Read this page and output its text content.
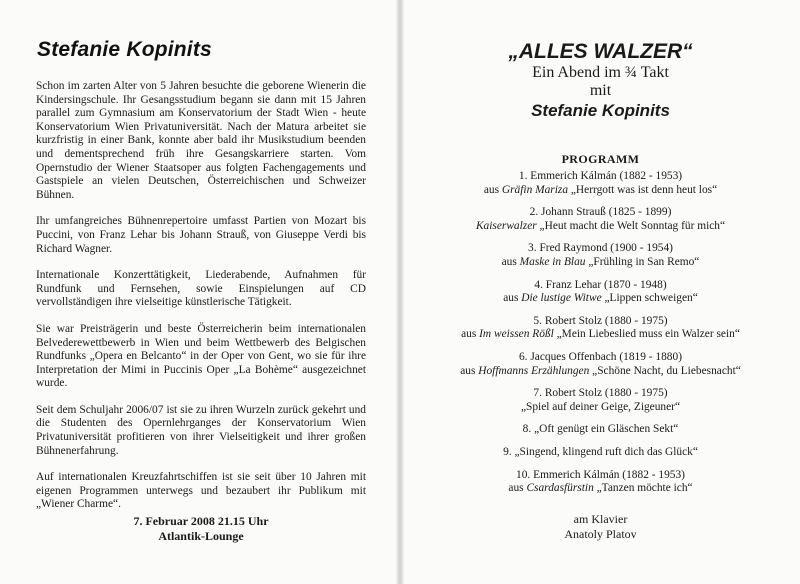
Stefanie Kopinits

Schon im zarten Alter von 5 Jahren besuchte die geborene Wienerin die Kindersingschule. Ihr Gesangsstudium begann sie dann mit 15 Jahren parallel zum Gymnasium am Konservatorium der Stadt Wien - heute Konservatorium Wien Privatuniversität. Nach der Matura arbeitet sie kurzfristig in einer Bank, konnte aber bald ihr Musikstudium beenden und dementsprechend früh ihre Gesangskarriere starten. Vom Opernstudio der Wiener Staatsoper aus folgten Fachengagements und Gastspiele an vielen Deutschen, Österreichischen und Schweizer Bühnen.

Ihr umfangreiches Bühnenrepertoire umfasst Partien von Mozart bis Puccini, von Franz Lehar bis Johann Strauß, von Giuseppe Verdi bis Richard Wagner.

Internationale Konzerttätigkeit, Liederabende, Aufnahmen für Rundfunk und Fernsehen, sowie Einspielungen auf CD vervollständigen ihre vielseitige künstlerische Tätigkeit.

Sie war Preisträgerin und beste Österreicherin beim internationalen Belvederewettbewerb in Wien und beim Wettbewerb des Belgischen Rundfunks „Opera en Belcanto“ in der Oper von Gent, wo sie für ihre Interpretation der Mimi in Puccinis Oper „La Bohème“ ausgezeichnet wurde.

Seit dem Schuljahr 2006/07 ist sie zu ihren Wurzeln zurück gekehrt und die Studenten des Opernlehrganges der Konservatorium Wien Privatuniversität profitieren von ihrer Vielseitigkeit und ihrer großen Bühnenerfahrung.

Auf internationalen Kreuzfahrtschiffen ist sie seit über 10 Jahren mit eigenen Programmen unterwegs und bezaubert ihr Publikum mit „Wiener Charme“.

7. Februar 2008 21.15 Uhr
Atlantik-Lounge
„ALLES WALZER“
Ein Abend im ¾ Takt
mit
Stefanie Kopinits
PROGRAMM
1. Emmerich Kálmán (1882 - 1953)
aus Gräfin Mariza „Herrgott was ist denn heut los“
2. Johann Strauß (1825 - 1899)
Kaiserwalzer „Heut macht die Welt Sonntag für mich“
3. Fred Raymond (1900 - 1954)
aus Maske in Blau „Frühling in San Remo“
4. Franz Lehar (1870 - 1948)
aus Die lustige Witwe „Lippen schweigen“
5. Robert Stolz (1880 - 1975)
aus Im weissen Rößl „Mein Liebeslied muss ein Walzer sein“
6. Jacques Offenbach (1819 - 1880)
aus Hoffmanns Erzählungen „Schöne Nacht, du Liebesnacht“
7. Robert Stolz (1880 - 1975)
„Spiel auf deiner Geige, Zigeuner“
8. „Oft genügt ein Gläschen Sekt“
9. „Singend, klingend ruft dich das Glück“
10. Emmerich Kálmán (1882 - 1953)
aus Csardasfürstin „Tanzen möchte ich“
am Klavier
Anatoly Platov
